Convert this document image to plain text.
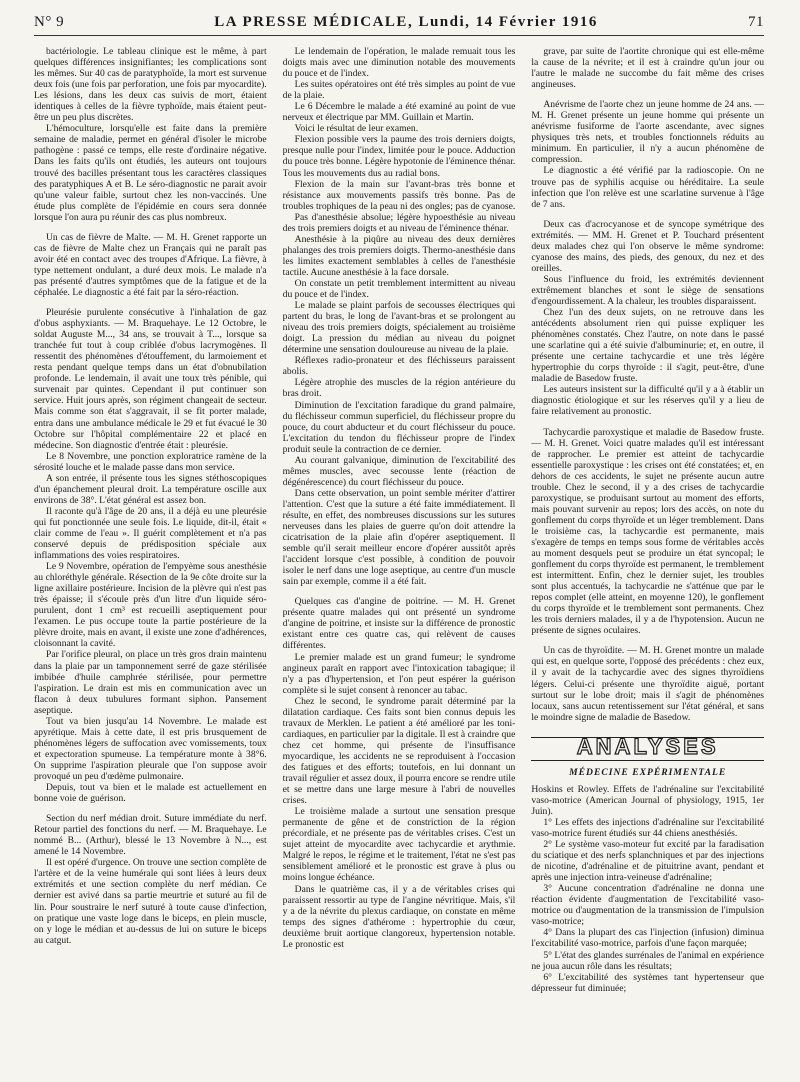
N° 9	LA PRESSE MÉDICALE, Lundi, 14 Février 1916	71

bactériologie. Le tableau clinique est le même, à part quelques différences insignifiantes; les complications sont les mêmes. Sur 40 cas de paratyphoïde, la mort est survenue deux fois (une fois par perforation, une fois par myocardite). Les lésions, dans les deux cas suivis de mort, étaient identiques à celles de la fièvre typhoïde, mais étaient peut-être un peu plus discrètes.

L'hémoculture, lorsqu'elle est faite dans la première semaine de maladie, permet en général d'isoler le microbe pathogène : passé ce temps, elle reste d'ordinaire négative. Dans les faits qu'ils ont étudiés, les auteurs ont toujours trouvé des bacilles présentant tous les caractères classiques des paratyphiques A et B. Le séro-diagnostic ne parait avoir qu'une valeur faible, surtout chez les non-vaccinés. Une étude plus complète de l'épidémie en cours sera donnée lorsque l'on aura pu réunir des cas plus nombreux.

Un cas de fièvre de Malte. — M. H. Grenet rapporte un cas de fièvre de Malte chez un Français qui ne paraît pas avoir été en contact avec des troupes d'Afrique. La fièvre, à type nettement ondulant, a duré deux mois. Le malade n'a pas présenté d'autres symptômes que de la fatigue et de la céphalée. Le diagnostic a été fait par la séro-réaction.

Pleurésie purulente consécutive à l'inhalation de gaz d'obus asphyxiants. — M. Braquehaye. Le 12 Octobre, le soldat Auguste M..., 34 ans, se trouvait à T..., lorsque sa tranchée fut tout à coup criblée d'obus lacrymogènes. Il ressentit des phénomènes d'étouffement, du larmoiement et resta pendant quelque temps dans un état d'obnubilation profonde. Le lendemain, il avait une toux très pénible, qui survenait par quintes. Cependant il put continuer son service. Huit jours après, son régiment changeait de secteur. Mais comme son état s'aggravait, il se fit porter malade, entra dans une ambulance médicale le 29 et fut évacué le 30 Octobre sur l'hôpital complémentaire 22 et placé en médecine. Son diagnostic d'entrée était : pleurésie.

Le 8 Novembre, une ponction exploratrice ramène de la sérosité louche et le malade passe dans mon service.

A son entrée, il présente tous les signes stéthoscopiques d'un épanchement pleural droit. La température oscille aux environs de 38°. L'état général est assez bon.

Il raconte qu'à l'âge de 20 ans, il a déjà eu une pleurésie qui fut ponctionnée une seule fois. Le liquide, dit-il, était « clair comme de l'eau ». Il guérit complètement et n'a pas conservé depuis de prédisposition spéciale aux inflammations des voies respiratoires.

Le 9 Novembre, opération de l'empyème sous anesthésie au chloréthyle générale. Résection de la 9e côte droite sur la ligne axillaire postérieure. Incision de la plèvre qui n'est pas très épaisse; il s'écoule près d'un litre d'un liquide séro-purulent, dont 1 cm³ est recueilli aseptiquement pour l'examen. Le pus occupe toute la partie postérieure de la plèvre droite, mais en avant, il existe une zone d'adhérences, cloisonnant la cavité.

Par l'orifice pleural, on place un très gros drain maintenu dans la plaie par un tamponnement serré de gaze stérilisée imbibée d'huile camphrée stérilisée, pour permettre l'aspiration. Le drain est mis en communication avec un flacon à deux tubulures formant siphon. Pansement aseptique.

Tout va bien jusqu'au 14 Novembre. Le malade est apyrétique. Mais à cette date, il est pris brusquement de phénomènes légers de suffocation avec vomissements, toux et expectoration spumeuse. La température monte à 38°6. On supprime l'aspiration pleurale que l'on suppose avoir provoqué un peu d'œdème pulmonaire.

Depuis, tout va bien et le malade est actuellement en bonne voie de guérison.

Section du nerf médian droit. Suture immédiate du nerf. Retour partiel des fonctions du nerf. — M. Braquehaye. Le nommé B... (Arthur), blessé le 13 Novembre à N..., est amené le 14 Novembre.

Il est opéré d'urgence. On trouve une section complète de l'artère et de la veine humérale qui sont liées à leurs deux extrémités et une section complète du nerf médian. Ce dernier est avivé dans sa partie meurtrie et suturé au fil de lin. Pour soustraire le nerf suturé à toute cause d'infection, on pratique une vaste loge dans le biceps, en plein muscle, on y loge le médian et au-dessus de lui on suture le biceps au catgut.

Le lendemain de l'opération, le malade remuait tous les doigts mais avec une diminution notable des mouvements du pouce et de l'index.

Les suites opératoires ont été très simples au point de vue de la plaie.

Le 6 Décembre le malade a été examiné au point de vue nerveux et électrique par MM. Guillain et Martin.

Voici le résultat de leur examen.

Flexion possible vers la paume des trois derniers doigts, presque nulle pour l'index, limitée pour le pouce. Adduction du pouce très bonne. Légère hypotonie de l'éminence thénar. Tous les mouvements dus au radial bons.

Flexion de la main sur l'avant-bras très bonne et résistance aux mouvements passifs très bonne. Pas de troubles trophiques de la peau ni des ongles; pas de cyanose.

Pas d'anesthésie absolue; légère hypoesthésie au niveau des trois premiers doigts et au niveau de l'éminence thénar.

Anesthésie à la piqûre au niveau des deux dernières phalanges des trois premiers doigts. Thermo-anesthésie dans les limites exactement semblables à celles de l'anesthésie tactile. Aucune anesthésie à la face dorsale.

On constate un petit tremblement intermittent au niveau du pouce et de l'index.

Le malade se plaint parfois de secousses électriques qui partent du bras, le long de l'avant-bras et se prolongent au niveau des trois premiers doigts, spécialement au troisième doigt. La pression du médian au niveau du poignet détermine une sensation douloureuse au niveau de la plaie.

Réflexes radio-pronateur et des fléchisseurs paraissent abolis.

Légère atrophie des muscles de la région antérieure du bras droit.

Diminution de l'excitation faradique du grand palmaire, du fléchisseur commun superficiel, du fléchisseur propre du pouce, du court abducteur et du court fléchisseur du pouce. L'excitation du tendon du fléchisseur propre de l'index produit seule la contraction de ce dernier.

Au courant galvanique, diminution de l'excitabilité des mêmes muscles, avec secousse lente (réaction de dégénérescence) du court fléchisseur du pouce.

Dans cette observation, un point semble mériter d'attirer l'attention. C'est que la suture a été faite immédiatement. Il résulte, en effet, des nombreuses discussions sur les sutures nerveuses dans les plaies de guerre qu'on doit attendre la cicatrisation de la plaie afin d'opérer aseptiquement. Il semble qu'il serait meilleur encore d'opérer aussitôt après l'accident lorsque c'est possible, à condition de pouvoir isoler le nerf dans une loge aseptique, au centre d'un muscle sain par exemple, comme il a été fait.

Quelques cas d'angine de poitrine. — M. H. Grenet présente quatre malades qui ont présenté un syndrome d'angine de poitrine, et insiste sur la différence de pronostic existant entre ces quatre cas, qui relèvent de causes différentes.

Le premier malade est un grand fumeur; le syndrome angineux paraît en rapport avec l'intoxication tabagique; il n'y a pas d'hypertension, et l'on peut espérer la guérison complète si le sujet consent à renoncer au tabac.

Chez le second, le syndrome parait déterminé par la dilatation cardiaque. Ces faits sont bien connus depuis les travaux de Merklen. Le patient a été amélioré par les toni-cardiaques, en particulier par la digitale. Il est à craindre que chez cet homme, qui présente de l'insuffisance myocardique, les accidents ne se reproduisent à l'occasion des fatigues et des efforts; toutefois, en lui donnant un travail régulier et assez doux, il pourra encore se rendre utile et se mettre dans une large mesure à l'abri de nouvelles crises.

Le troisième malade a surtout une sensation presque permanente de gêne et de constriction de la région précordiale, et ne présente pas de véritables crises. C'est un sujet atteint de myocardite avec tachycardie et arythmie. Malgré le repos, le régime et le traitement, l'état ne s'est pas sensiblement amélioré et le pronostic est grave à plus ou moins longue échéance.

Dans le quatrième cas, il y a de véritables crises qui paraissent ressortir au type de l'angine névritique. Mais, s'il y a de la névrite du plexus cardiaque, on constate en même temps des signes d'athérome : hypertrophie du cœur, deuxième bruit aortique clangoreux, hypertension notable. Le pronostic est

grave, par suite de l'aortite chronique qui est elle-même la cause de la névrite; et il est à craindre qu'un jour ou l'autre le malade ne succombe du fait même des crises angineuses.

Anévrisme de l'aorte chez un jeune homme de 24 ans. — M. H. Grenet présente un jeune homme qui présente un anévrisme fusiforme de l'aorte ascendante, avec signes physiques très nets, et troubles fonctionnels réduits au minimum. En particulier, il n'y a aucun phénomène de compression.

Le diagnostic a été vérifié par la radioscopie. On ne trouve pas de syphilis acquise ou héréditaire. La seule infection que l'on relève est une scarlatine survenue à l'âge de 7 ans.

Deux cas d'acrocyanose et de syncope symétrique des extrémités. — MM. H. Grenet et P. Touchard présentent deux malades chez qui l'on observe le même syndrome: cyanose des mains, des pieds, des genoux, du nez et des oreilles.

Sous l'influence du froid, les extrémités deviennent extrêmement blanches et sont le siège de sensations d'engourdissement. A la chaleur, les troubles disparaissent.

Chez l'un des deux sujets, on ne retrouve dans les antécédents absolument rien qui puisse expliquer les phénomènes constatés. Chez l'autre, on note dans le passé une scarlatine qui a été suivie d'albuminurie; et, en outre, il présente une certaine tachycardie et une très légère hypertrophie du corps thyroïde : il s'agit, peut-être, d'une maladie de Basedow fruste.

Les auteurs insistent sur la difficulté qu'il y a à établir un diagnostic étiologique et sur les réserves qu'il y a lieu de faire relativement au pronostic.

Tachycardie paroxystique et maladie de Basedow fruste. — M. H. Grenet. Voici quatre malades qu'il est intéressant de rapprocher. Le premier est atteint de tachycardie essentielle paroxystique : les crises ont été constatées; et, en dehors de ces accidents, le sujet ne présente aucun autre trouble. Chez le second, il y a des crises de tachycardie paroxystique, se produisant surtout au moment des efforts, mais pouvant survenir au repos; lors des accès, on note du gonflement du corps thyroïde et un léger tremblement. Dans le troisième cas, la tachycardie est permanente, mais s'exagère de temps en temps sous forme de véritables accès au moment desquels peut se produire un état syncopal; le gonflement du corps thyroïde est permanent, le tremblement est intermittent. Enfin, chez le dernier sujet, les troubles sont plus accentués, la tachycardie ne s'atténue que par le repos complet (elle atteint, en moyenne 120), le gonflement du corps thyroïde et le tremblement sont permanents. Chez les trois derniers malades, il y a de l'hypotension. Aucun ne présente de signes oculaires.

Un cas de thyroïdite. — M. H. Grenet montre un malade qui est, en quelque sorte, l'opposé des précédents : chez eux, il y avait de la tachycardie avec des signes thyroïdiens légers. Celui-ci présente une thyroïdite aiguë, portant surtout sur le lobe droit; mais il s'agit de phénomènes locaux, sans aucun retentissement sur l'état général, et sans le moindre signe de maladie de Basedow.

ANALYSES
MÉDECINE EXPÉRIMENTALE

Hoskins et Rowley. Effets de l'adrénaline sur l'excitabilité vaso-motrice (American Journal of physiology, 1915, 1er Juin).

1° Les effets des injections d'adrénaline sur l'excitabilité vaso-motrice furent étudiés sur 44 chiens anesthésiés.

2° Le système vaso-moteur fut excité par la faradisation du sciatique et des nerfs splanchniques et par des injections de nicotine, d'adrénaline et de pituitrine avant, pendant et après une injection intra-veineuse d'adrénaline;

3° Aucune concentration d'adrénaline ne donna une réaction évidente d'augmentation de l'excitabilité vaso-motrice ou d'augmentation de la transmission de l'impulsion vaso-motrice;

4° Dans la plupart des cas l'injection (infusion) diminua l'excitabilité vaso-motrice, parfois d'une façon marquée;

5° L'état des glandes surrénales de l'animal en expérience ne joua aucun rôle dans les résultats;

6° L'excitabilité des systèmes tant hypertenseur que dépresseur fut diminuée;
